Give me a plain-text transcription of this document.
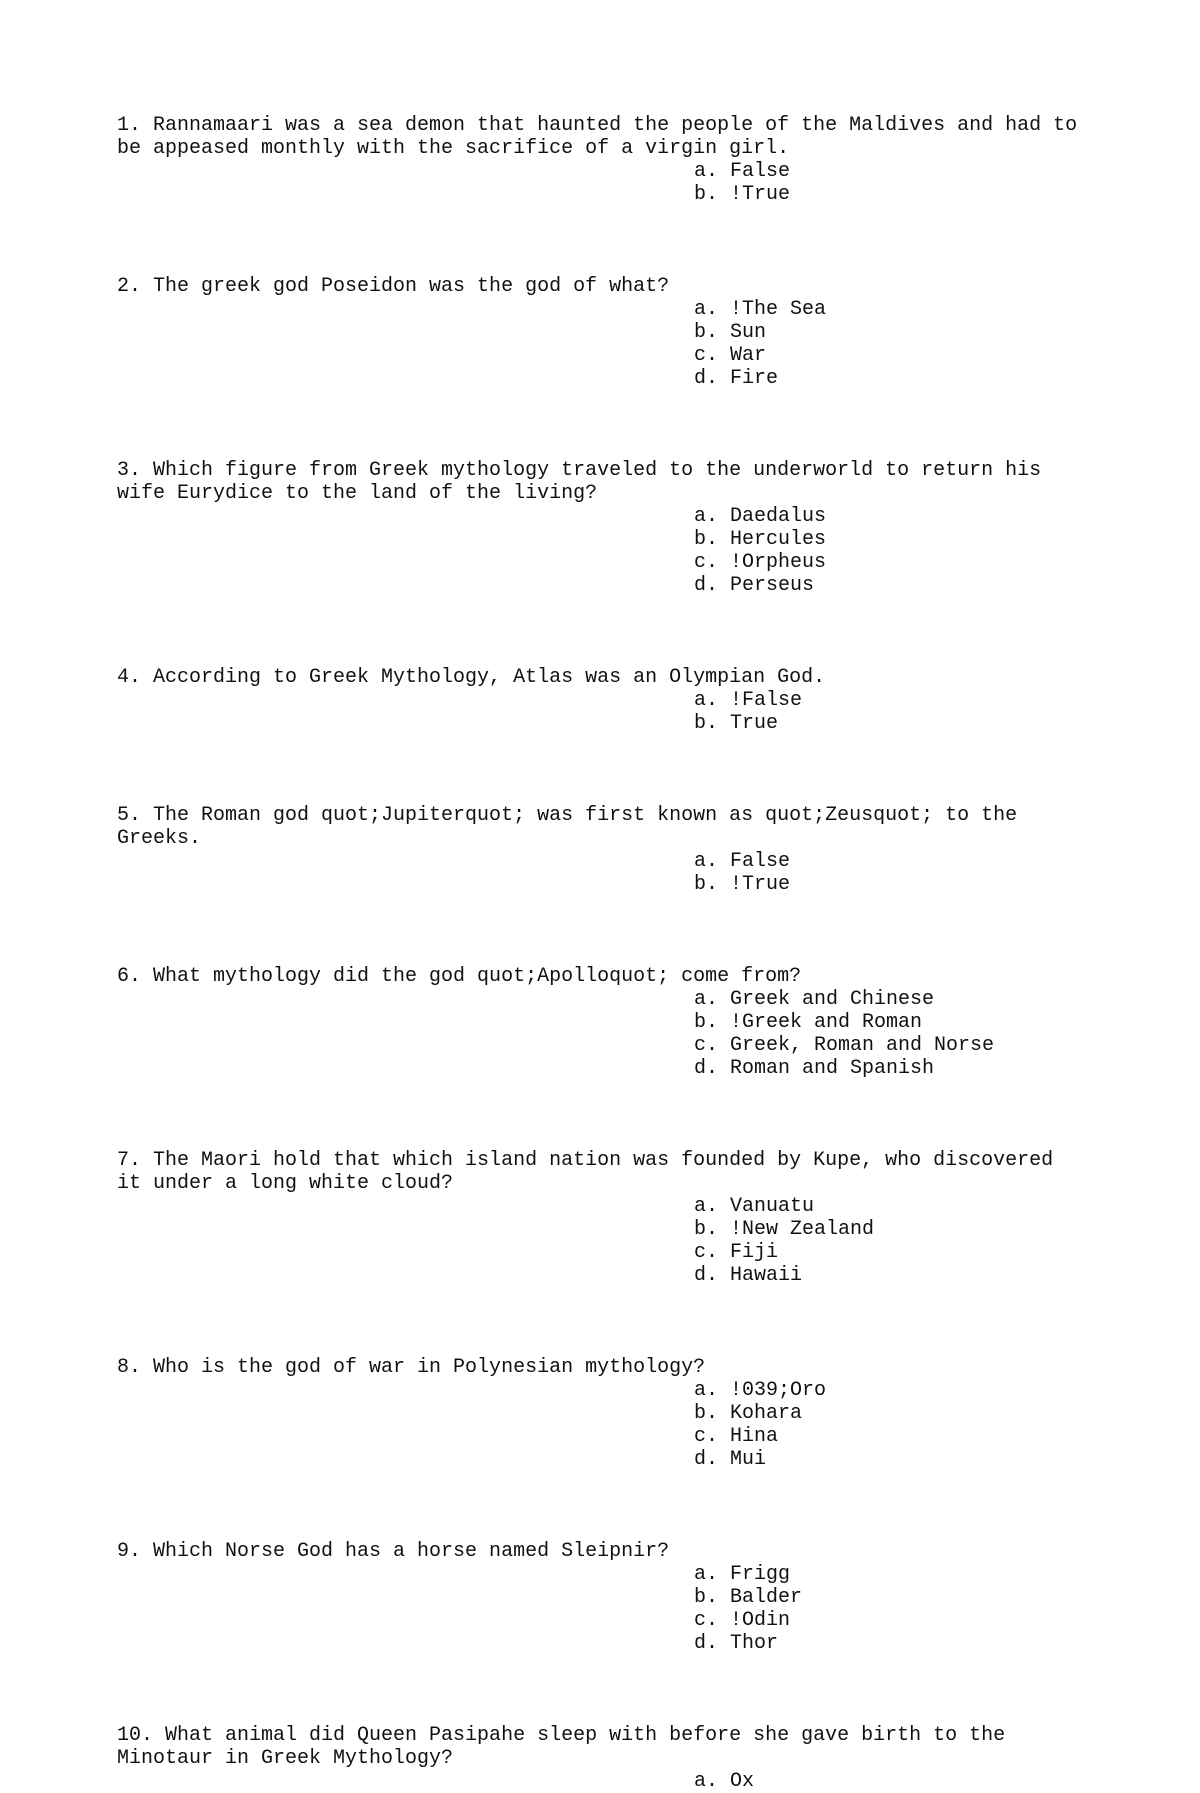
1. Rannamaari was a sea demon that haunted the people of the Maldives and had to
be appeased monthly with the sacrifice of a virgin girl.

a. False
b. !True

2. The greek god Poseidon was the god of what?

a. !The Sea
b. Sun
c. War
d. Fire

3. Which figure from Greek mythology traveled to the underworld to return his
wife Eurydice to the land of the living?

a. Daedalus
b. Hercules
c. !Orpheus
d. Perseus

4. According to Greek Mythology, Atlas was an Olympian God.

a. !False
b. True

5. The Roman god quot;Jupiterquot; was first known as quot;Zeusquot; to the
Greeks.

a. False
b. !True

6. What mythology did the god quot;Apolloquot; come from?

a. Greek and Chinese
b. !Greek and Roman
c. Greek, Roman and Norse
d. Roman and Spanish

7. The Maori hold that which island nation was founded by Kupe, who discovered
it under a long white cloud?

a. Vanuatu
b. !New Zealand
c. Fiji
d. Hawaii

8. Who is the god of war in Polynesian mythology?

a. !039;Oro
b. Kohara
c. Hina
d. Mui

9. Which Norse God has a horse named Sleipnir?

a. Frigg
b. Balder
c. !Odin
d. Thor

10. What animal did Queen Pasipahe sleep with before she gave birth to the
Minotaur in Greek Mythology?

a. Ox
